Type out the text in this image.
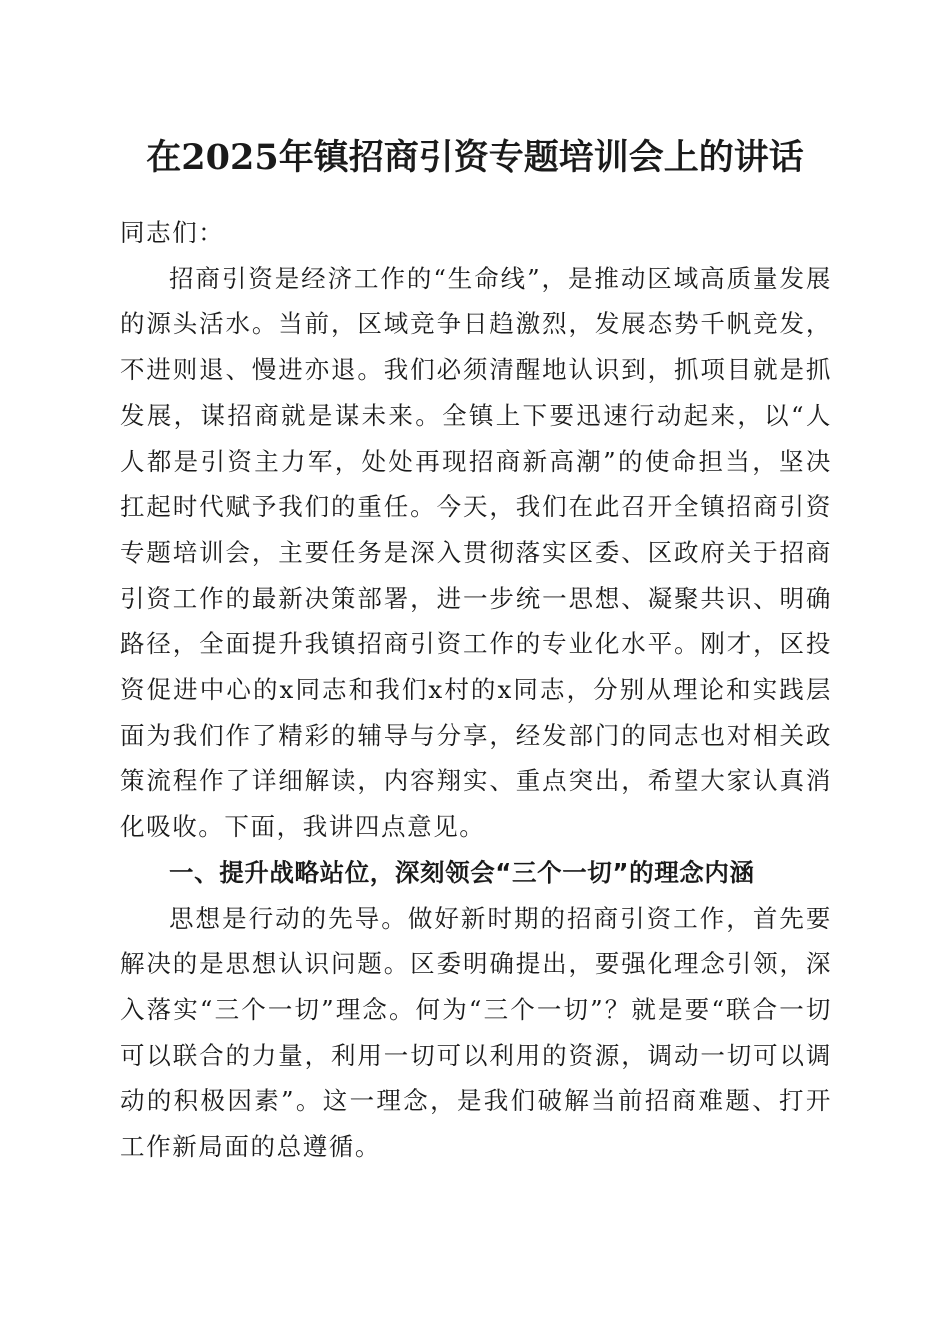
在2025年镇招商引资专题培训会上的讲话

同志们：

招商引资是经济工作的“生命线”，是推动区域高质量发展的源头活水。当前，区域竞争日趋激烈，发展态势千帆竞发，不进则退、慢进亦退。我们必须清醒地认识到，抓项目就是抓发展，谋招商就是谋未来。全镇上下要迅速行动起来，以“人人都是引资主力军，处处再现招商新高潮”的使命担当，坚决扛起时代赋予我们的重任。今天，我们在此召开全镇招商引资专题培训会，主要任务是深入贯彻落实区委、区政府关于招商引资工作的最新决策部署，进一步统一思想、凝聚共识、明确路径，全面提升我镇招商引资工作的专业化水平。刚才，区投资促进中心的x同志和我们x村的x同志，分别从理论和实践层面为我们作了精彩的辅导与分享，经发部门的同志也对相关政策流程作了详细解读，内容翔实、重点突出，希望大家认真消化吸收。下面，我讲四点意见。

一、提升战略站位，深刻领会“三个一切”的理念内涵

思想是行动的先导。做好新时期的招商引资工作，首先要解决的是思想认识问题。区委明确提出，要强化理念引领，深入落实“三个一切”理念。何为“三个一切”？就是要“联合一切可以联合的力量，利用一切可以利用的资源，调动一切可以调动的积极因素”。这一理念，是我们破解当前招商难题、打开工作新局面的总遵循。
